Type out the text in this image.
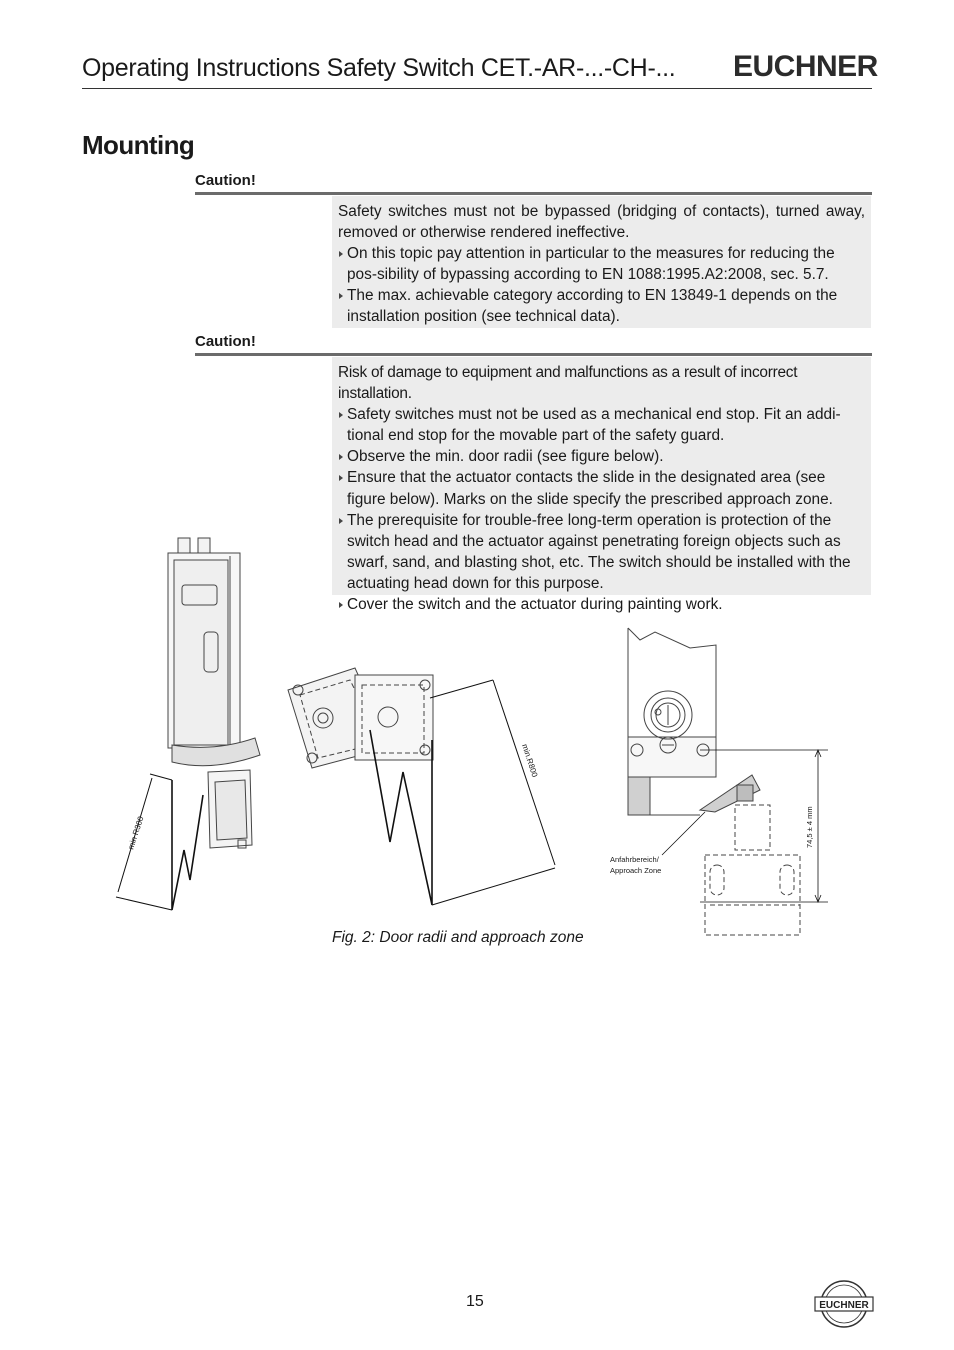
Operating Instructions Safety Switch CET.-AR-...-CH-... EUCHNER
Mounting
Caution!

Safety switches must not be bypassed (bridging of contacts), turned away, removed or otherwise rendered ineffective.

On this topic pay attention in particular to the measures for reducing the pos-sibility of bypassing according to EN 1088:1995.A2:2008, sec. 5.7.
The max. achievable category according to EN 13849-1 depends on the installation position (see technical data).
Caution!

Risk of damage to equipment and malfunctions as a result of incorrect installation.

Safety switches must not be used as a mechanical end stop. Fit an addi-tional end stop for the movable part of the safety guard.
Observe the min. door radii (see figure below).
Ensure that the actuator contacts the slide in the designated area (see figure below). Marks on the slide specify the prescribed approach zone.
The prerequisite for trouble-free long-term operation is protection of the switch head and the actuator against penetrating foreign objects such as swarf, sand, and blasting shot, etc. The switch should be installed with the actuating head down for this purpose.
Cover the switch and the actuator during painting work.
min R300
min.R800
74,5 ± 4 mm
Anfahrbereich/
Approach Zone
Fig. 2: Door radii and approach zone
15	EUCHNER
